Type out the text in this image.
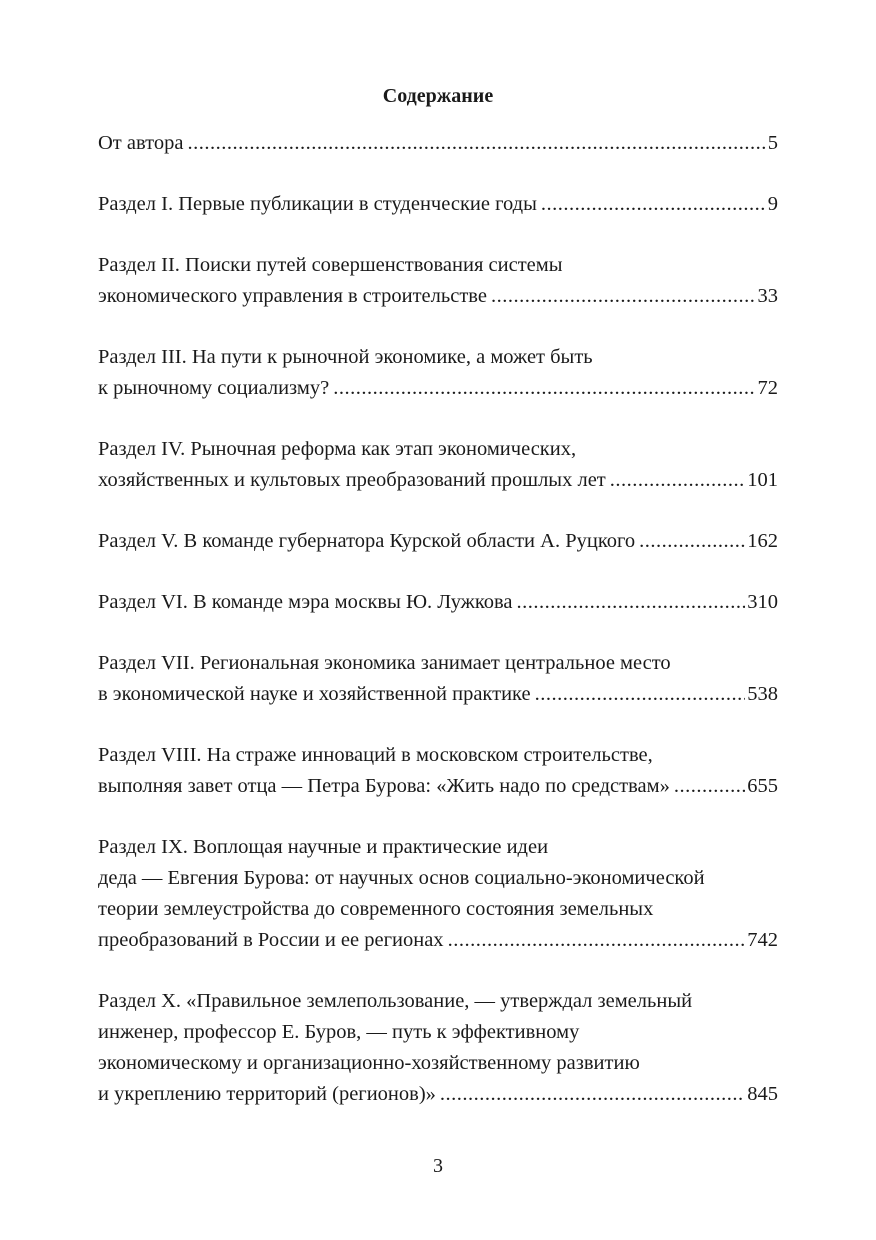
Содержание
От автора .....	5
Раздел I. Первые публикации в студенческие годы .....	9
Раздел II. Поиски путей совершенствования системы
экономического управления в строительстве .....	33
Раздел III. На пути к рыночной экономике, а может быть
к рыночному социализму? .....	72
Раздел IV. Рыночная реформа как этап экономических,
хозяйственных и культовых преобразований прошлых лет .....	101
Раздел V. В команде губернатора Курской области А. Руцкого .....	162
Раздел VI. В команде мэра москвы Ю. Лужкова .....	310
Раздел VII. Региональная экономика занимает центральное место
в экономической науке и хозяйственной практике .....	538
Раздел VIII. На страже инноваций в московском строительстве,
выполняя завет отца — Петра Бурова: «Жить надо по средствам» .....	655
Раздел IX. Воплощая научные и практические идеи
деда — Евгения Бурова: от научных основ социально-экономической
теории землеустройства до современного состояния земельных
преобразований в России и ее регионах .....	742
Раздел X. «Правильное землепользование, — утверждал земельный
инженер, профессор Е. Буров, — путь к эффективному
экономическому и организационно-хозяйственному развитию
и укреплению территорий (регионов)» .....	845
3
